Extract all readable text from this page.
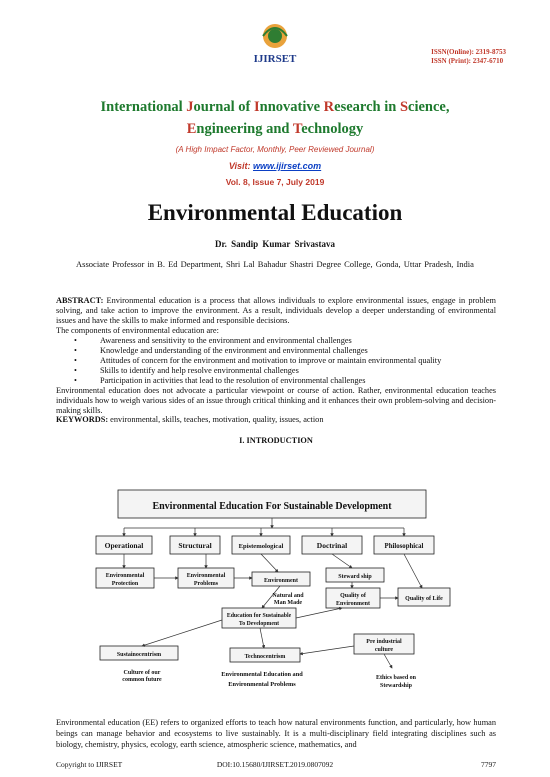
IJIRSET
ISSN(Online): 2319-8753
ISSN (Print): 2347-6710
International Journal of Innovative Research in Science,
Engineering and Technology
(A High Impact Factor, Monthly, Peer Reviewed Journal)
Visit: www.ijirset.com
Vol. 8, Issue 7, July 2019
Environmental Education
Dr. Sandip Kumar Srivastava
Associate Professor in B. Ed Department, Shri Lal Bahadur Shastri Degree College, Gonda, Uttar Pradesh, India
ABSTRACT: Environmental education is a process that allows individuals to explore environmental issues, engage in problem solving, and take action to improve the environment. As a result, individuals develop a deeper understanding of environmental issues and have the skills to make informed and responsible decisions.
The components of environmental education are:
• Awareness and sensitivity to the environment and environmental challenges
• Knowledge and understanding of the environment and environmental challenges
• Attitudes of concern for the environment and motivation to improve or maintain environmental quality
• Skills to identify and help resolve environmental challenges
• Participation in activities that lead to the resolution of environmental challenges
Environmental education does not advocate a particular viewpoint or course of action. Rather, environmental education teaches individuals how to weigh various sides of an issue through critical thinking and it enhances their own problem-solving and decision-making skills.
KEYWORDS: environmental, skills, teaches, motivation, quality, issues, action
I. INTRODUCTION
Environmental Education For Sustainable Development
Operational	Structural	Epistemological	Doctrinal	Philosophical
Environmental
Protection
Environmental
Problems	Environment
Steward ship
Natural and
Man Made
Quality of
Environment
Quality of Life
Education for Sustainable
To Development
Pre industrial
culture
Sustainocentrism	Technocentrism
Culture of our
common future
Environmental Education and
Environmental Problems
Ethics based on
Stewardship
Environmental education (EE) refers to organized efforts to teach how natural environments function, and particularly, how human beings can manage behavior and ecosystems to live sustainably. It is a multi-disciplinary field integrating disciplines such as biology, chemistry, physics, ecology, earth science, atmospheric science, mathematics, and
Copyright to IJIRSET	DOI:10.15680/IJIRSET.2019.0807092	7797
